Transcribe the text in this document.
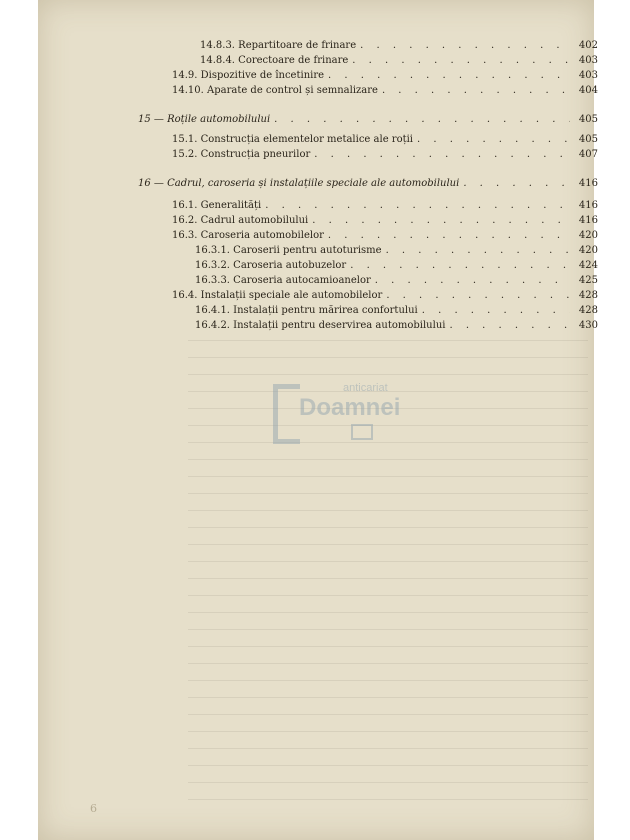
14.8.3. Repartitoare de frinare . . .	402
14.8.4. Corectoare de frinare . . .	403
14.9. Dispozitive de încetinire . . .	403
14.10. Aparate de control și semnalizare . . .	404
15 — Roțile automobilului . . .	405
15.1. Construcția elementelor metalice ale roții . . .	405
15.2. Construcția pneurilor . . .	407
16 — Cadrul, caroseria și instalațiile speciale ale automobilului . . .	416
16.1. Generalități . . .	416
16.2. Cadrul automobilului . . .	416
16.3. Caroseria automobilelor . . .	420
16.3.1. Caroserii pentru autoturisme . . .	420
16.3.2. Caroseria autobuzelor . . .	424
16.3.3. Caroseria autocamioanelor . . .	425
16.4. Instalații speciale ale automobilelor . . .	428
16.4.1. Instalații pentru mărirea confortului . . .	428
16.4.2. Instalații pentru deservirea automobilului . . .	430
anticariat
Doamnei
6
